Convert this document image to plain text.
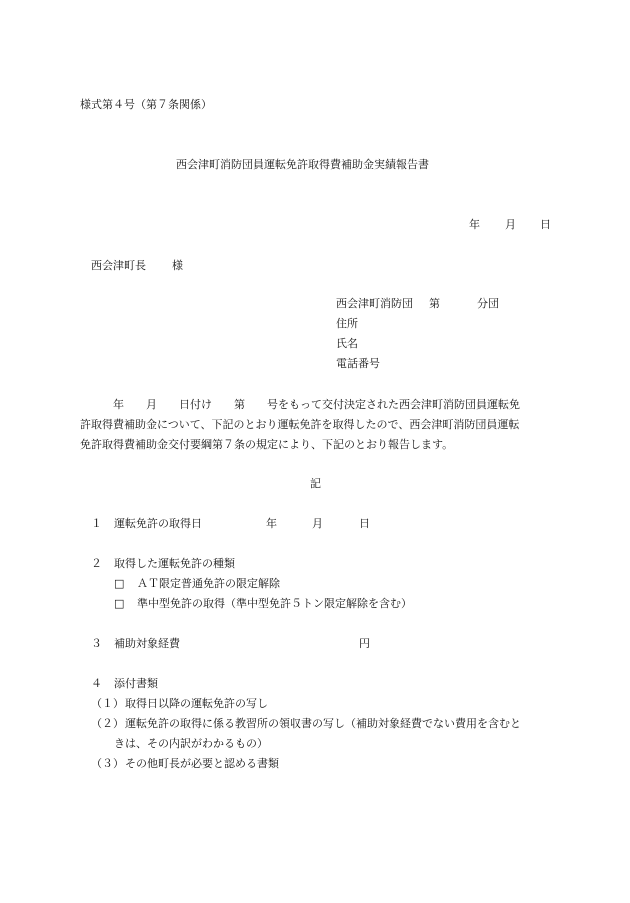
様式第４号（第７条関係）
西会津町消防団員運転免許取得費補助金実績報告書
年 月 日
西会津町長 様
西会津町消防団 第	分団
住所
氏名
電話番号
年　　月　　日付け　　第　　号をもって交付決定された西会津町消防団員運転免
許取得費補助金について、下記のとおり運転免許を取得したので、西会津町消防団員運転
免許取得費補助金交付要綱第７条の規定により、下記のとおり報告します。
記
１ 運転免許の取得日	年	月	日
２ 取得した運転免許の種類
□ ＡＴ限定普通免許の限定解除
□ 準中型免許の取得（準中型免許５トン限定解除を含む）
３ 補助対象経費	円
４ 添付書類
（１） 取得日以降の運転免許の写し
（２） 運転免許の取得に係る教習所の領収書の写し（補助対象経費でない費用を含むと
きは、その内訳がわかるもの）
（３） その他町長が必要と認める書類
